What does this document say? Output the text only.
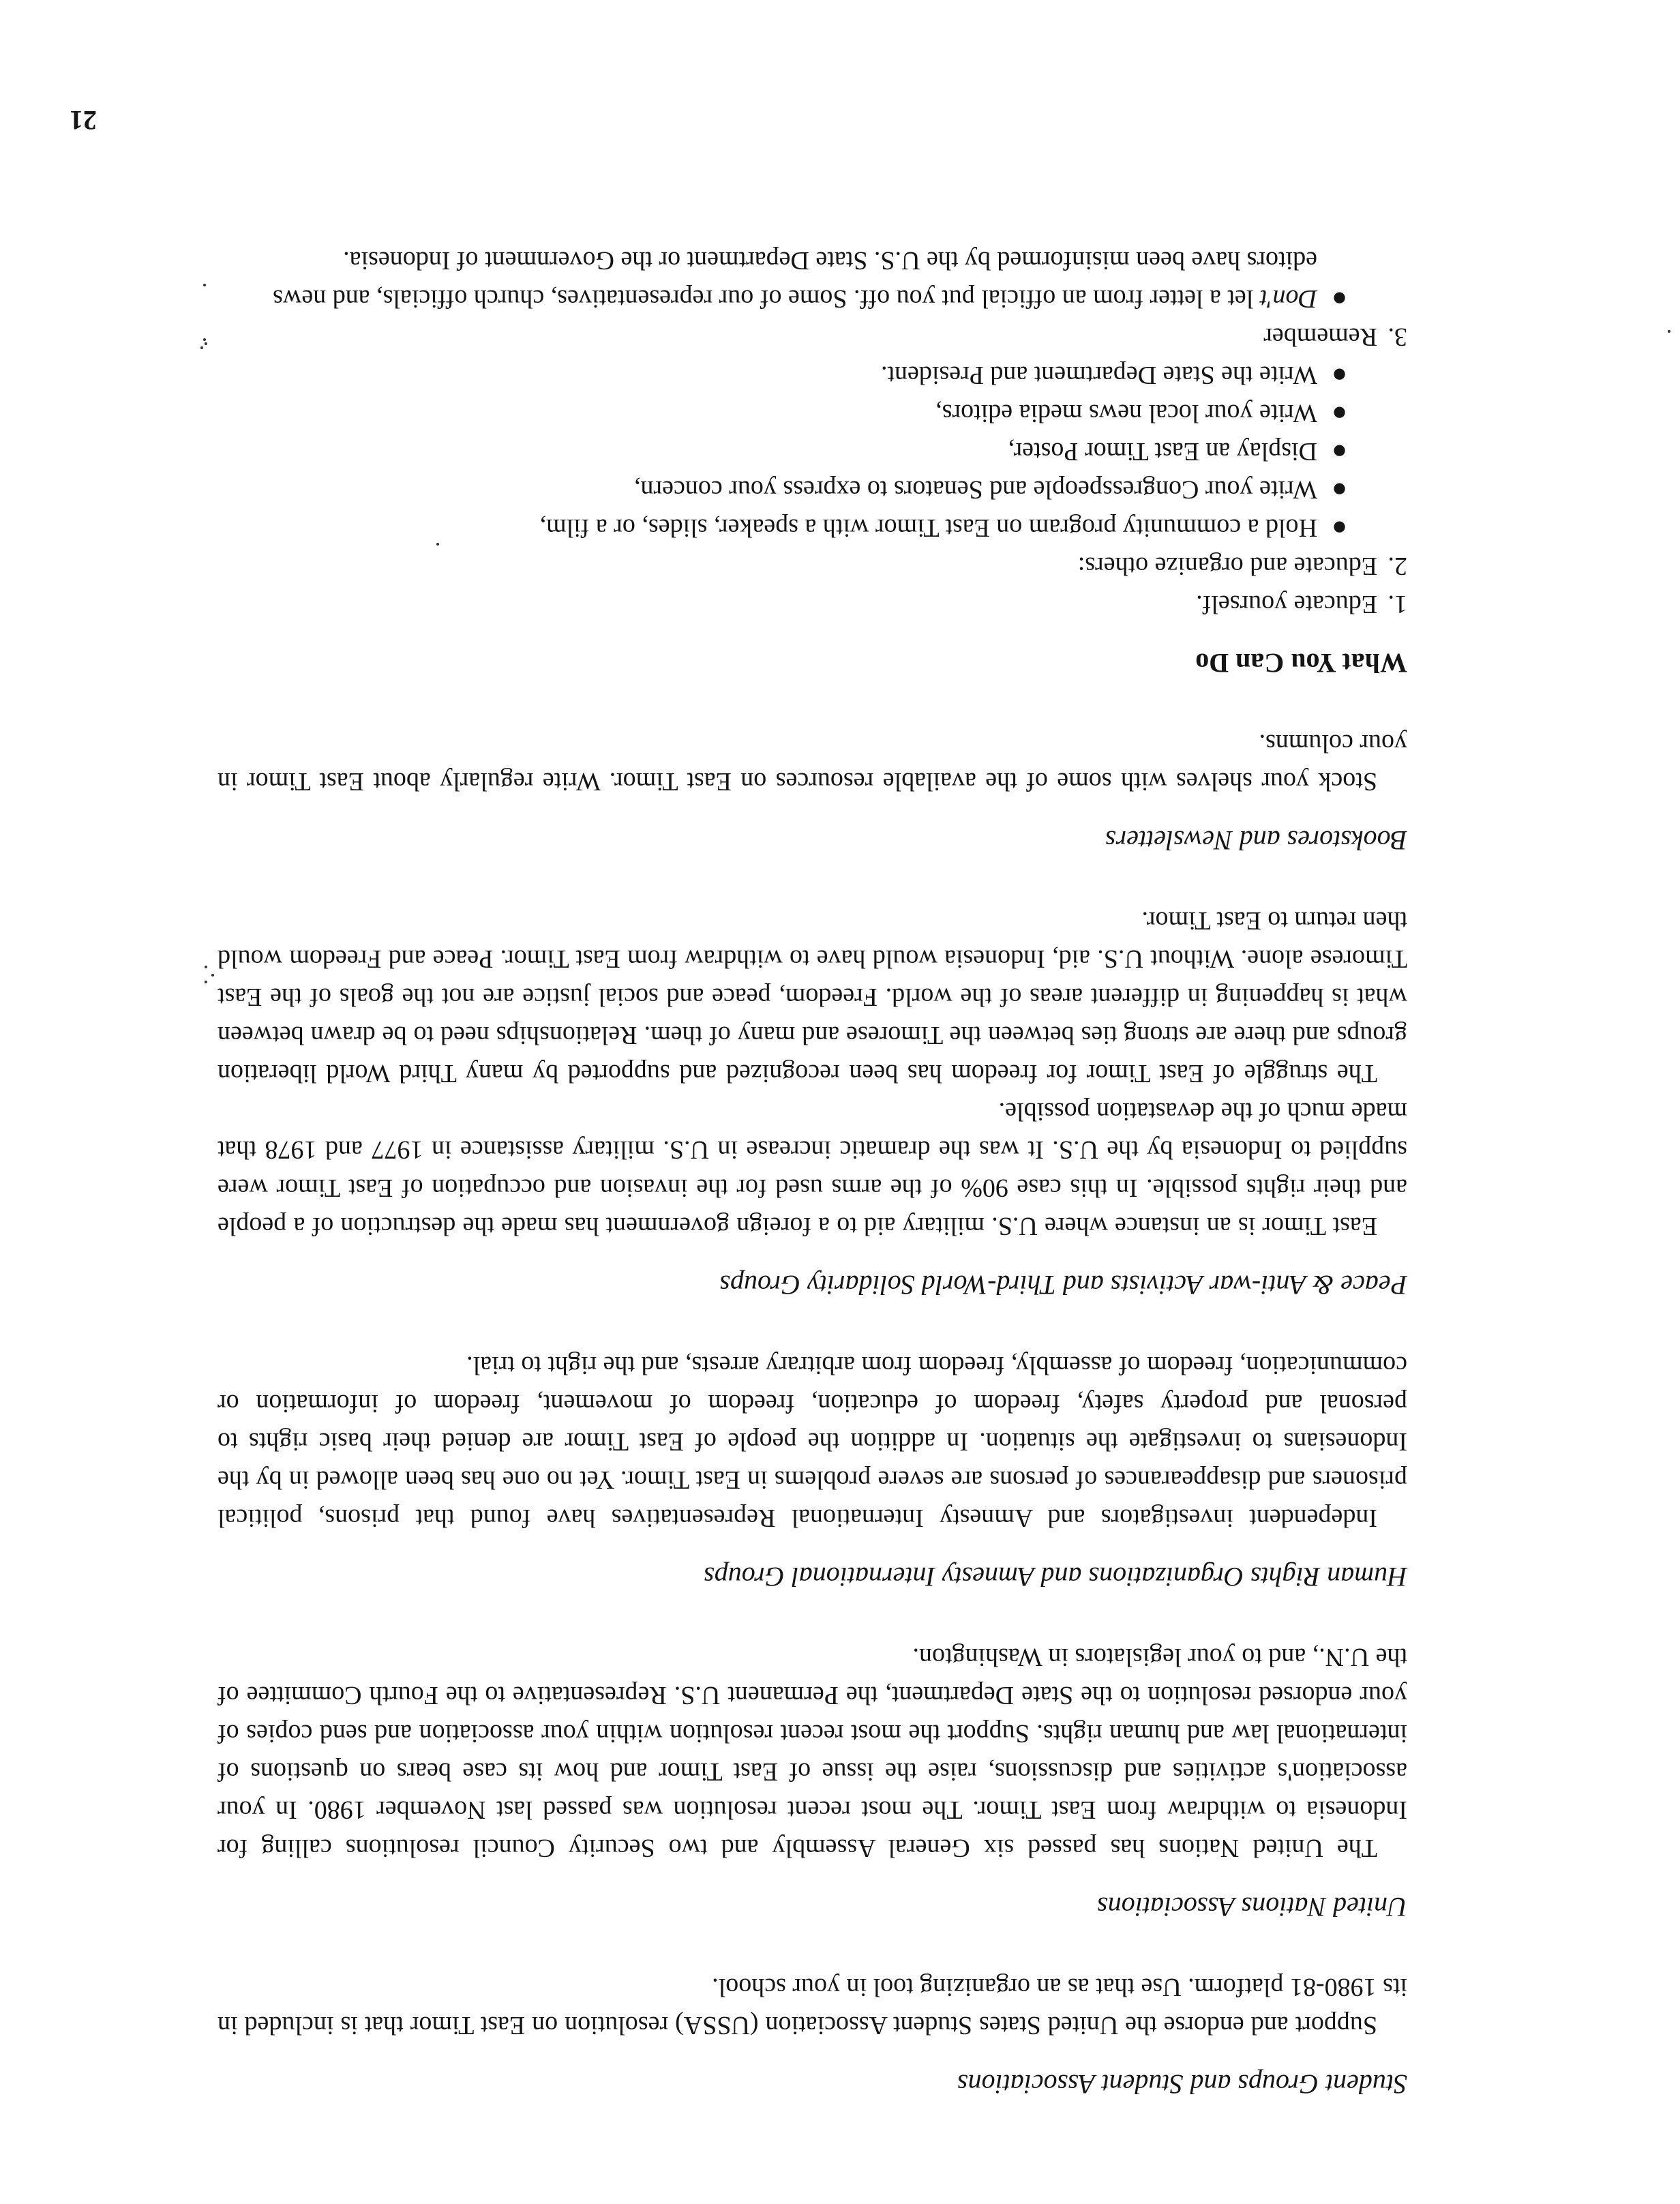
Student Groups and Student Associations

Support and endorse the United States Student Association (USSA) resolution on East Timor that is included in its 1980-81 platform. Use that as an organizing tool in your school.

United Nations Associations

The United Nations has passed six General Assembly and two Security Council resolutions calling for Indonesia to withdraw from East Timor. The most recent resolution was passed last November 1980. In your association's activities and discussions, raise the issue of East Timor and how its case bears on questions of international law and human rights. Support the most recent resolution within your association and send copies of your endorsed resolution to the State Department, the Permanent U.S. Representative to the Fourth Committee of the U.N., and to your legislators in Washington.

Human Rights Organizations and Amnesty International Groups

Independent investigators and Amnesty International Representatives have found that prisons, political prisoners and disappearances of persons are severe problems in East Timor. Yet no one has been allowed in by the Indonesians to investigate the situation. In addition the people of East Timor are denied their basic rights to personal and property safety, freedom of education, freedom of movement, freedom of information or communication, freedom of assembly, freedom from arbitrary arrests, and the right to trial.

Peace & Anti-war Activists and Third-World Solidarity Groups

East Timor is an instance where U.S. military aid to a foreign government has made the destruction of a people and their rights possible. In this case 90% of the arms used for the invasion and occupation of East Timor were supplied to Indonesia by the U.S. It was the dramatic increase in U.S. military assistance in 1977 and 1978 that made much of the devastation possible.

The struggle of East Timor for freedom has been recognized and supported by many Third World liberation groups and there are strong ties between the Timorese and many of them. Relationships need to be drawn between what is happening in different areas of the world. Freedom, peace and social justice are not the goals of the East Timorese alone. Without U.S. aid, Indonesia would have to withdraw from East Timor. Peace and Freedom would then return to East Timor.

Bookstores and Newsletters

Stock your shelves with some of the available resources on East Timor. Write regularly about East Timor in your columns.

What You Can Do
1.
Educate yourself.
2.
Educate and organize others:
●
Hold a community program on East Timor with a speaker, slides, or a film,
●
Write your Congresspeople and Senators to express your concern,
●
Display an East Timor Poster,
●
Write your local news media editors,
●
Write the State Department and President.
3.
Remember
●
Don't let a letter from an official put you off. Some of our representatives, church officials, and news editors have been misinformed by the U.S. State Department or the Government of Indonesia.
21
